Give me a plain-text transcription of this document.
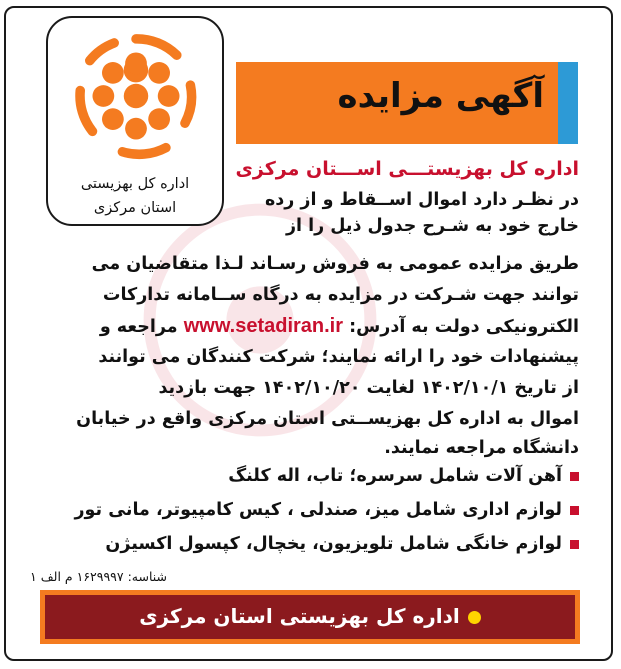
اداره کل بهزیستی
استان مرکزی
آگهی مزایده
اداره کل بهزیستـــی اســـتان مرکزی
در نظـر دارد اموال اســقاط و از رده
خارج خود به شـرح جدول ذیل را از
طریق مزایده عمومی به فروش رسـاند لـذا متقاضیان می
توانند جهت شـرکت در مزایده به درگاه ســامانه تدارکات
الکترونیکی دولت به آدرس: www.setadiran.ir مراجعه و
پیشنهادات خود را ارائه نمایند؛ شرکت کنندگان می توانند
از تاریخ ۱۴۰۲/۱۰/۱ لغایت ۱۴۰۲/۱۰/۲۰ جهت بازدید
اموال به اداره کل بهزیســتی استان مرکزی واقع در خیابان
دانشگاه مراجعه نمایند.
آهن آلات شامل سرسره؛ تاب، اله کلنگ
لوازم اداری شامل میز، صندلی ، کیس کامپیوتر، مانی تور
لوازم خانگی شامل تلویزیون، یخچال، کپسول اکسیژن
شناسه: ۱۶۲۹۹۹۷ م الف ۱
اداره کل بهزیستی استان مرکزی
